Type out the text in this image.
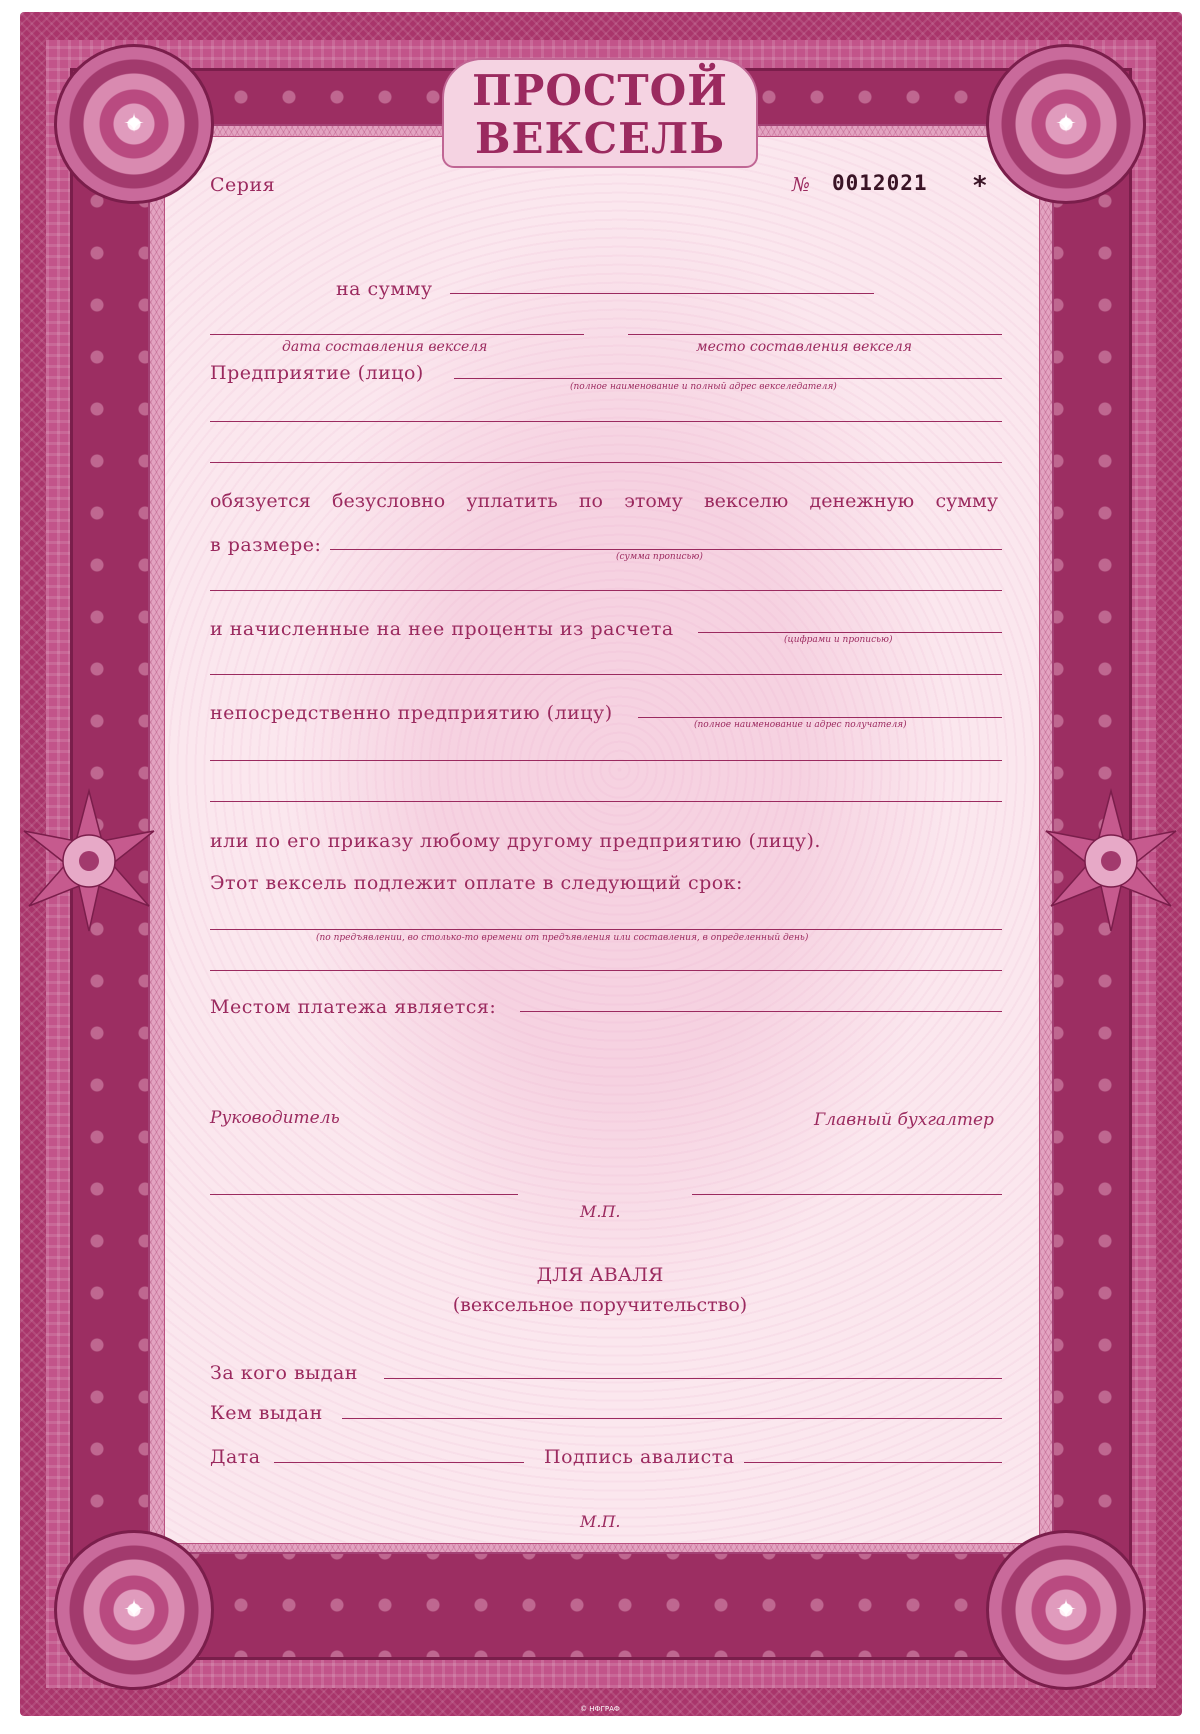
✦	✦
✦	✦
ПРОСТОЙ
ВЕКСЕЛЬ
Серия	№ 0012021 *
на сумму
дата составления векселя	место составления векселя
Предприятие (лицо)
(полное наименование и полный адрес векселедателя)
обязуется безусловно уплатить по этому векселю денежную сумму
в размере:
(сумма прописью)
и начисленные на нее проценты из расчета	(цифрами и прописью)
непосредственно предприятию (лицу)
(полное наименование и адрес получателя)
или по его приказу любому другому предприятию (лицу).
Этот вексель подлежит оплате в следующий срок:
(по предъявлении, во столько-то времени от предъявления или составления, в определенный день)
Местом платежа является:
Руководитель	Главный бухгалтер
М.П.
ДЛЯ АВАЛЯ
(вексельное поручительство)
За кого выдан
Кем выдан
Дата	Подпись авалиста
М.П.
© НФГРАФ
